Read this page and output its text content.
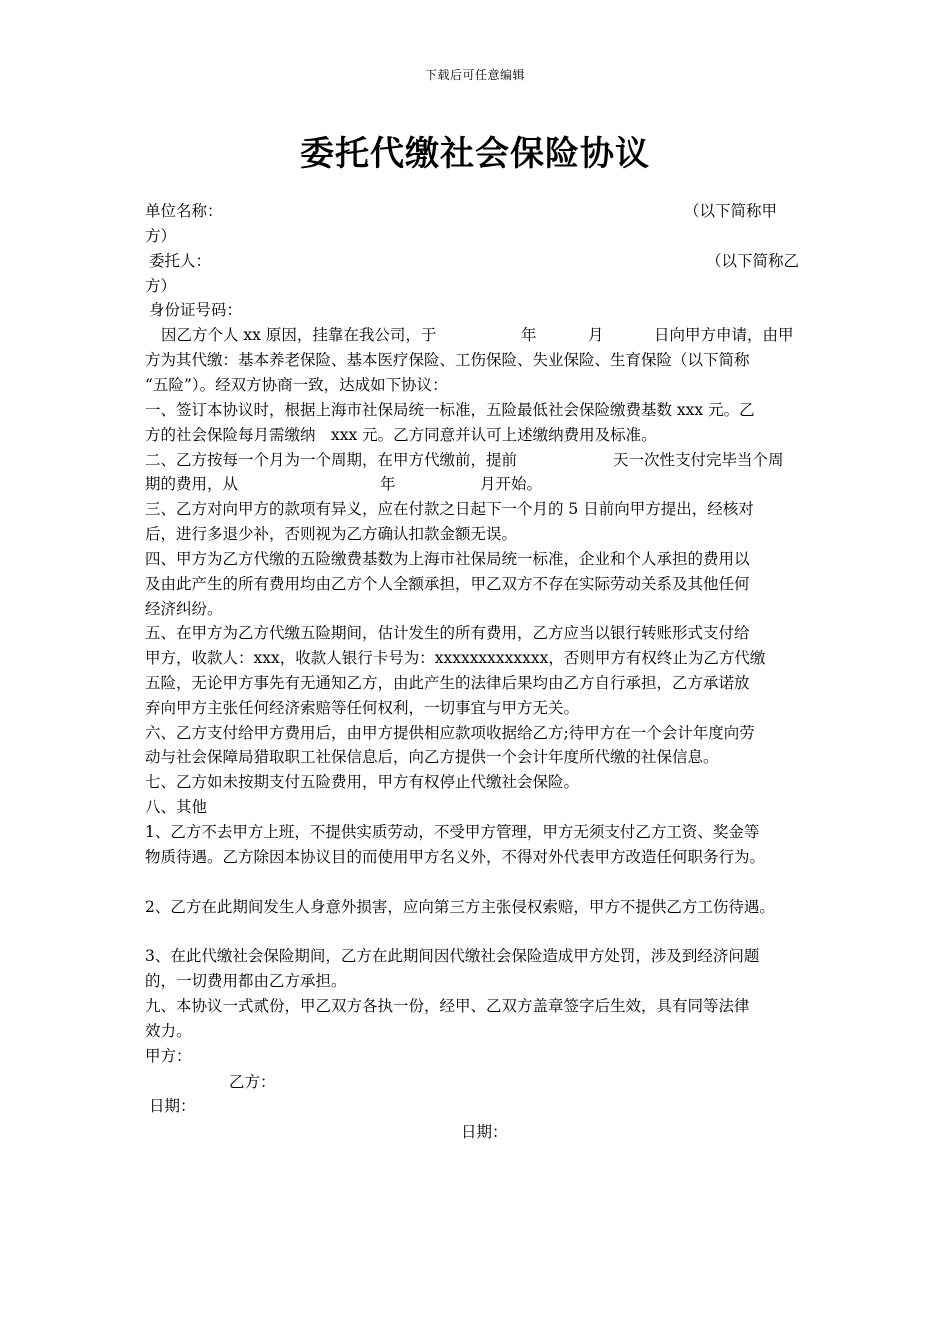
下载后可任意编辑
委托代缴社会保险协议
单位名称：	（以下简称甲
方）
委托人：	（以下简称乙
方）
身份证号码：
因乙方个人 xx 原因，挂靠在我公司，于	年	月	日向甲方申请，由甲
方为其代缴：基本养老保险、基本医疗保险、工伤保险、失业保险、生育保险（以下简称
“五险”）。经双方协商一致，达成如下协议：
一、签订本协议时，根据上海市社保局统一标准，五险最低社会保险缴费基数 xxx 元。乙
方的社会保险每月需缴纳　xxx 元。乙方同意并认可上述缴纳费用及标准。
二、乙方按每一个月为一个周期，在甲方代缴前，提前	天一次性支付完毕当个周
期的费用，从	年	月开始。
三、乙方对向甲方的款项有异义，应在付款之日起下一个月的 5 日前向甲方提出，经核对
后，进行多退少补，否则视为乙方确认扣款金额无误。
四、甲方为乙方代缴的五险缴费基数为上海市社保局统一标准，企业和个人承担的费用以
及由此产生的所有费用均由乙方个人全额承担，甲乙双方不存在实际劳动关系及其他任何
经济纠纷。
五、在甲方为乙方代缴五险期间，估计发生的所有费用，乙方应当以银行转账形式支付给
甲方，收款人：xxx，收款人银行卡号为：xxxxxxxxxxxxx，否则甲方有权终止为乙方代缴
五险，无论甲方事先有无通知乙方，由此产生的法律后果均由乙方自行承担，乙方承诺放
弃向甲方主张任何经济索赔等任何权利，一切事宜与甲方无关。
六、乙方支付给甲方费用后，由甲方提供相应款项收据给乙方;待甲方在一个会计年度向劳
动与社会保障局猎取职工社保信息后，向乙方提供一个会计年度所代缴的社保信息。
七、乙方如未按期支付五险费用，甲方有权停止代缴社会保险。
八、其他
1、乙方不去甲方上班，不提供实质劳动，不受甲方管理，甲方无须支付乙方工资、奖金等
物质待遇。乙方除因本协议目的而使用甲方名义外，不得对外代表甲方改造任何职务行为。
2、乙方在此期间发生人身意外损害，应向第三方主张侵权索赔，甲方不提供乙方工伤待遇。
3、在此代缴社会保险期间，乙方在此期间因代缴社会保险造成甲方处罚，涉及到经济问题
的，一切费用都由乙方承担。
九、本协议一式贰份，甲乙双方各执一份，经甲、乙双方盖章签字后生效，具有同等法律
效力。
甲方：
乙方：
日期：
日期：
